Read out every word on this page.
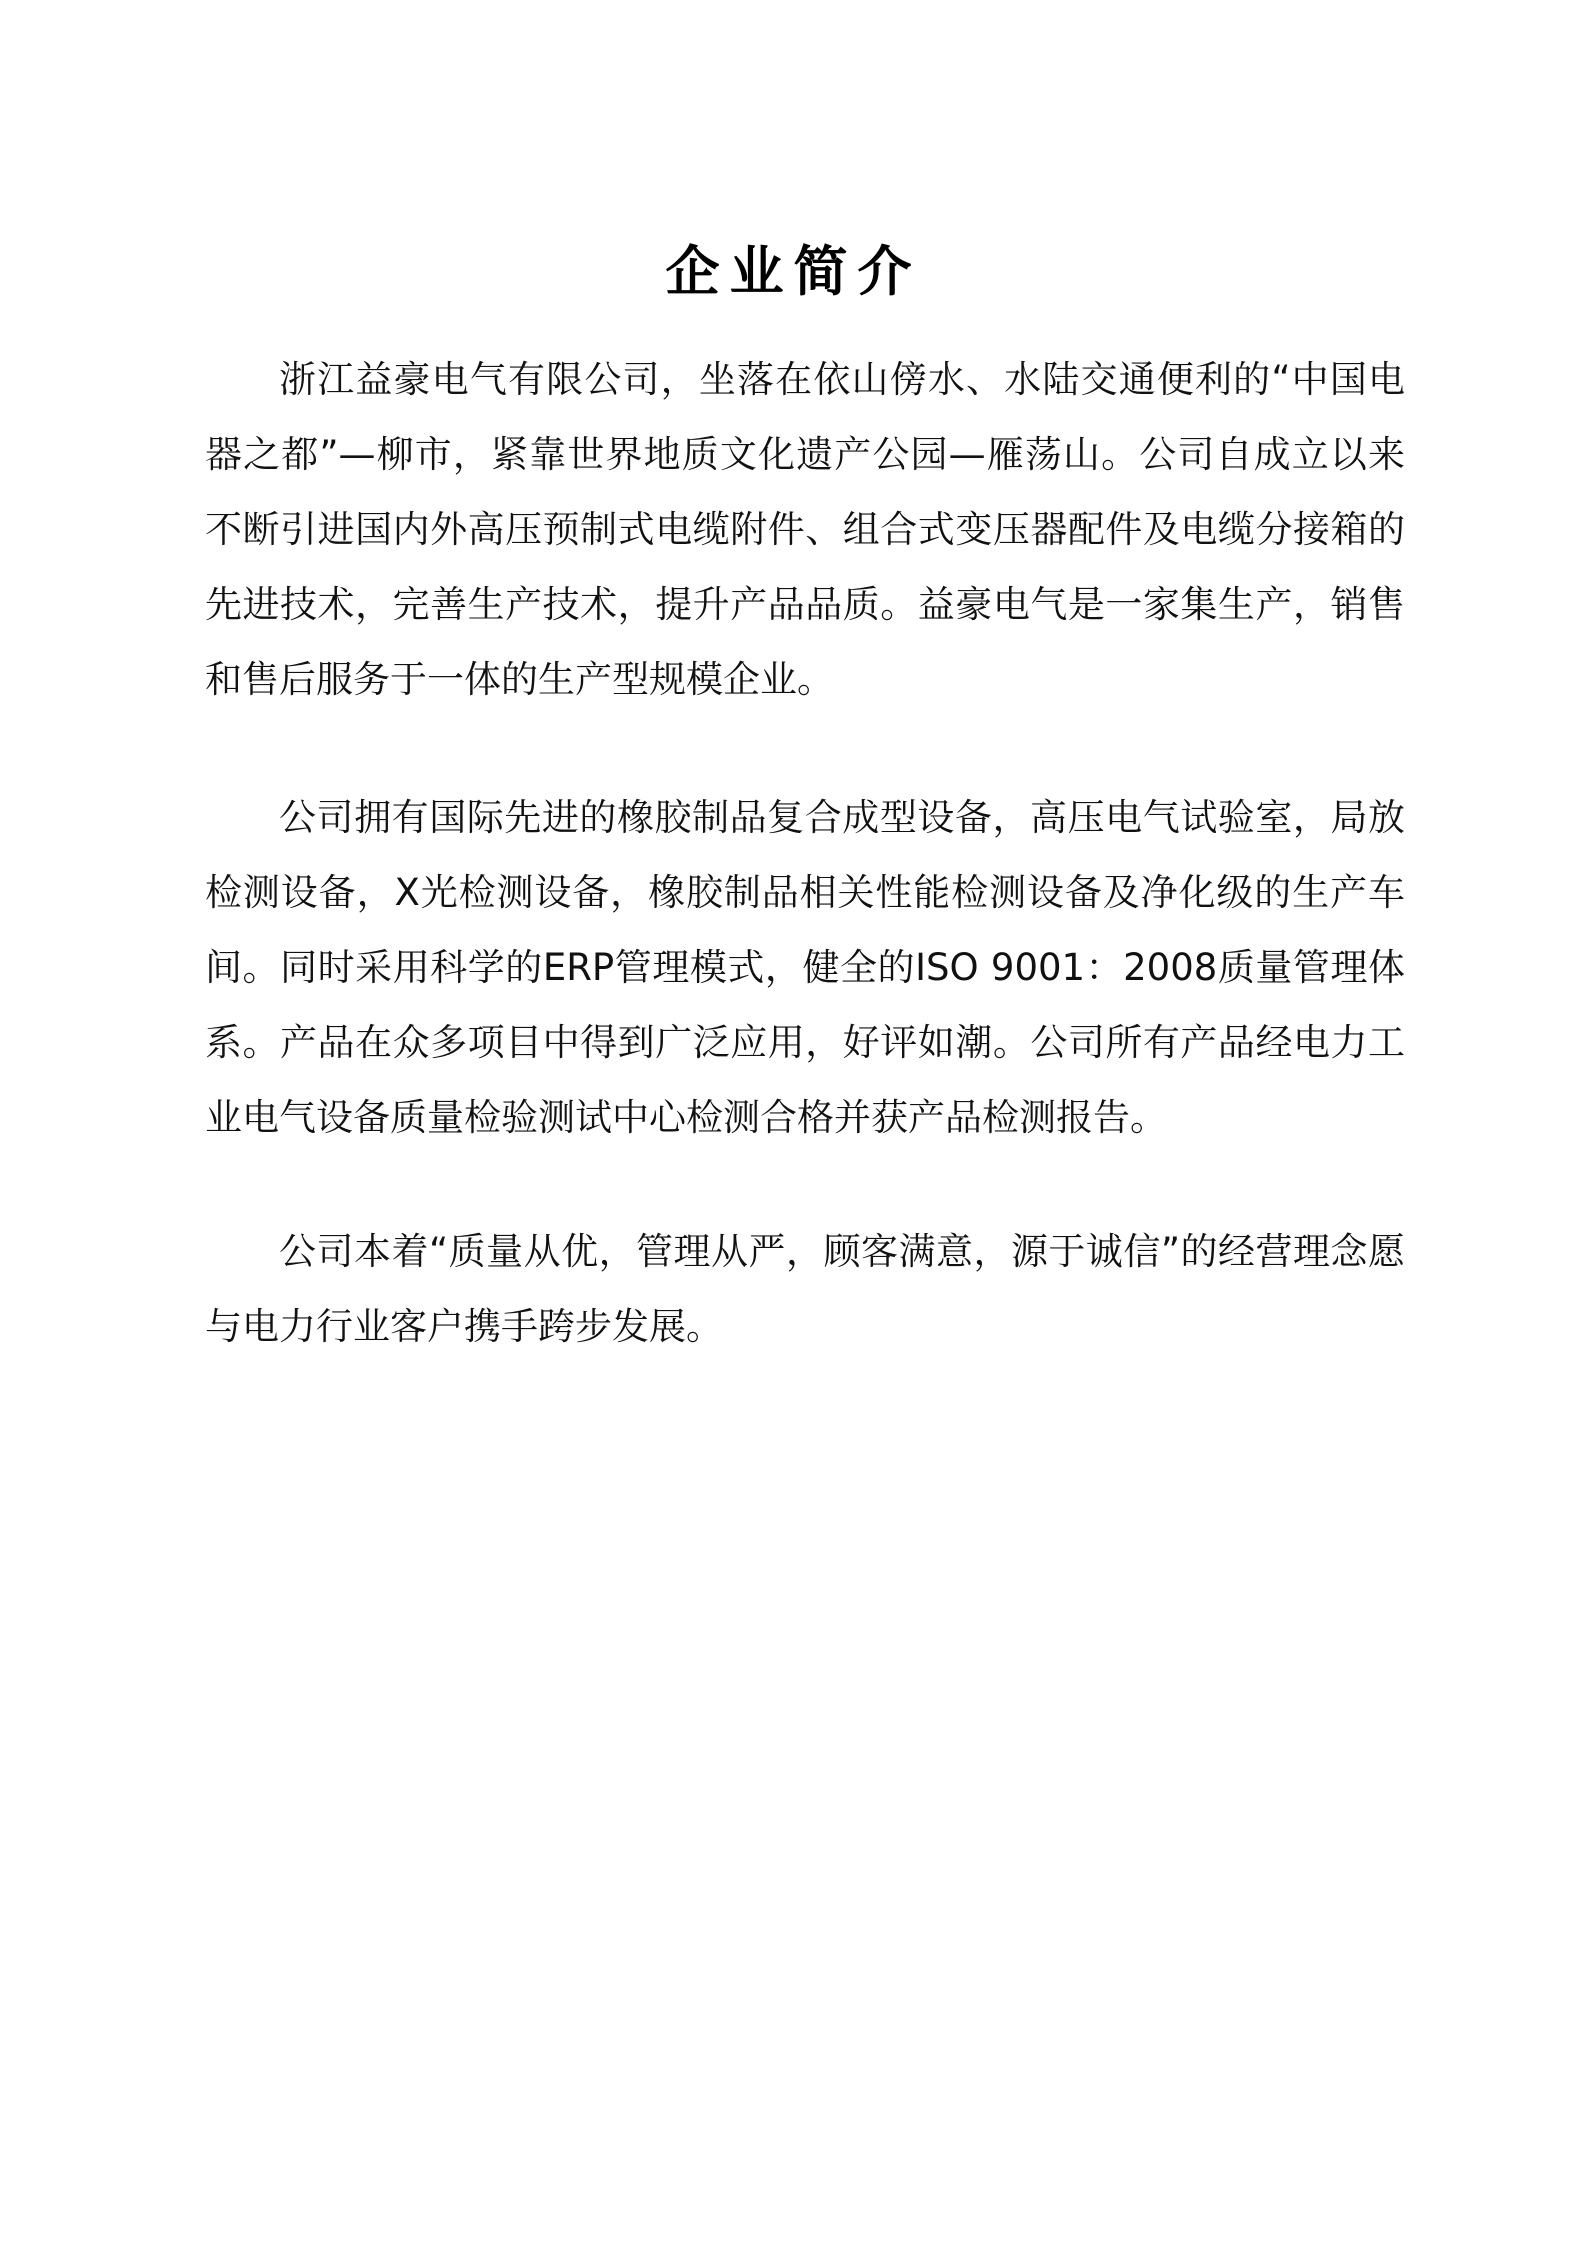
企业简介

浙江益豪电气有限公司，坐落在依山傍水、水陆交通便利的“中国电器之都”—柳市，紧靠世界地质文化遗产公园—雁荡山。公司自成立以来不断引进国内外高压预制式电缆附件、组合式变压器配件及电缆分接箱的先进技术，完善生产技术，提升产品品质。益豪电气是一家集生产，销售和售后服务于一体的生产型规模企业。

公司拥有国际先进的橡胶制品复合成型设备，高压电气试验室，局放检测设备，X光检测设备，橡胶制品相关性能检测设备及净化级的生产车间。同时采用科学的ERP管理模式，健全的ISO 9001：2008质量管理体系。产品在众多项目中得到广泛应用，好评如潮。公司所有产品经电力工业电气设备质量检验测试中心检测合格并获产品检测报告。

公司本着“质量从优，管理从严，顾客满意，源于诚信”的经营理念愿与电力行业客户携手跨步发展。
